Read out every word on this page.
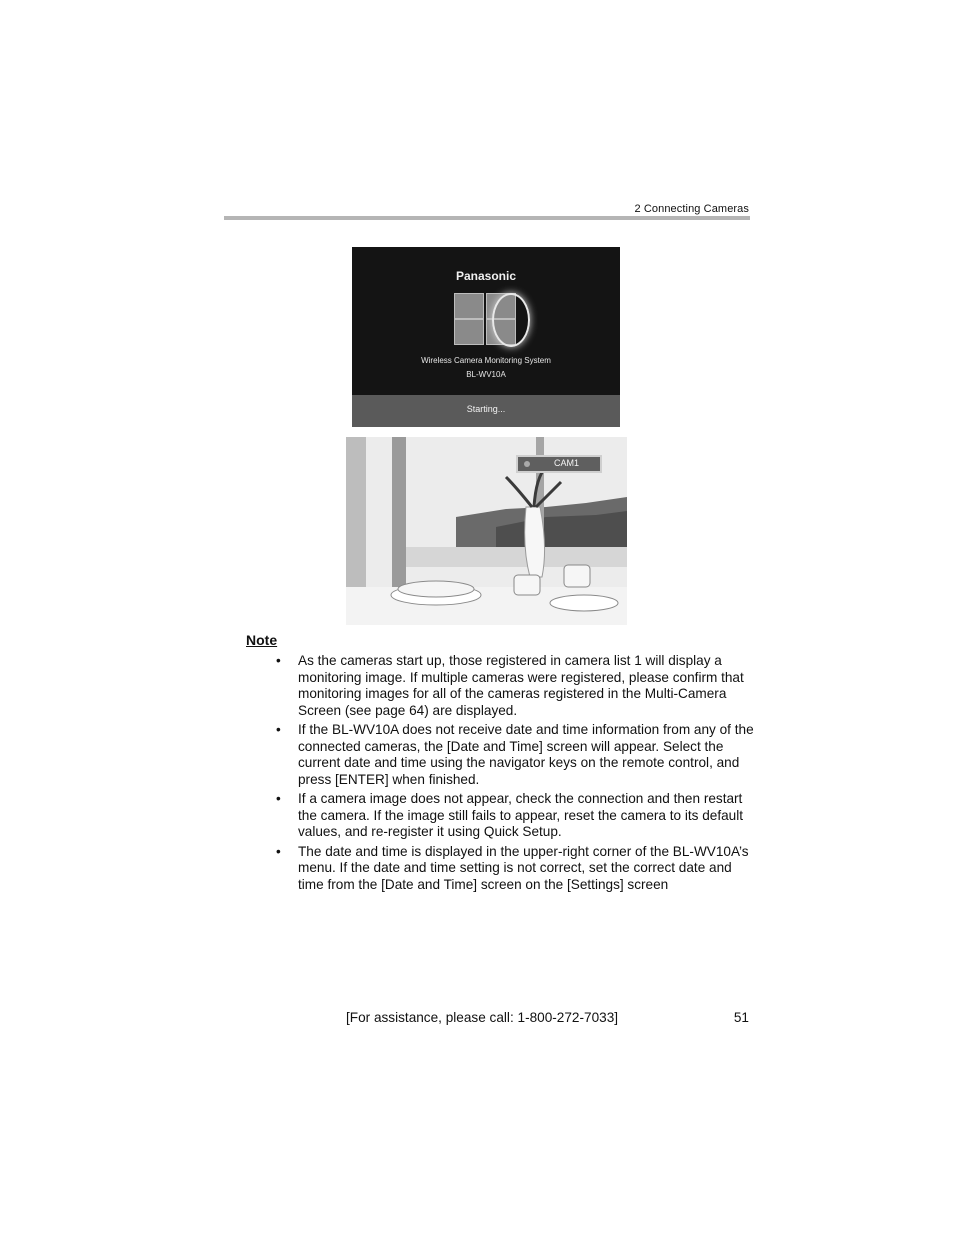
2 Connecting Cameras
Panasonic
Wireless Camera Monitoring System
BL-WV10A
Starting...
CAM1
Note
• As the cameras start up, those registered in camera list 1 will display a monitoring image. If multiple cameras were registered, please confirm that monitoring images for all of the cameras registered in the Multi-Camera Screen (see page 64) are displayed.
• If the BL-WV10A does not receive date and time information from any of the connected cameras, the [Date and Time] screen will appear. Select the current date and time using the navigator keys on the remote control, and press [ENTER] when finished.
• If a camera image does not appear, check the connection and then restart the camera. If the image still fails to appear, reset the camera to its default values, and re-register it using Quick Setup.
• The date and time is displayed in the upper-right corner of the BL-WV10A’s menu. If the date and time setting is not correct, set the correct date and time from the [Date and Time] screen on the [Settings] screen
[For assistance, please call: 1-800-272-7033]	51
